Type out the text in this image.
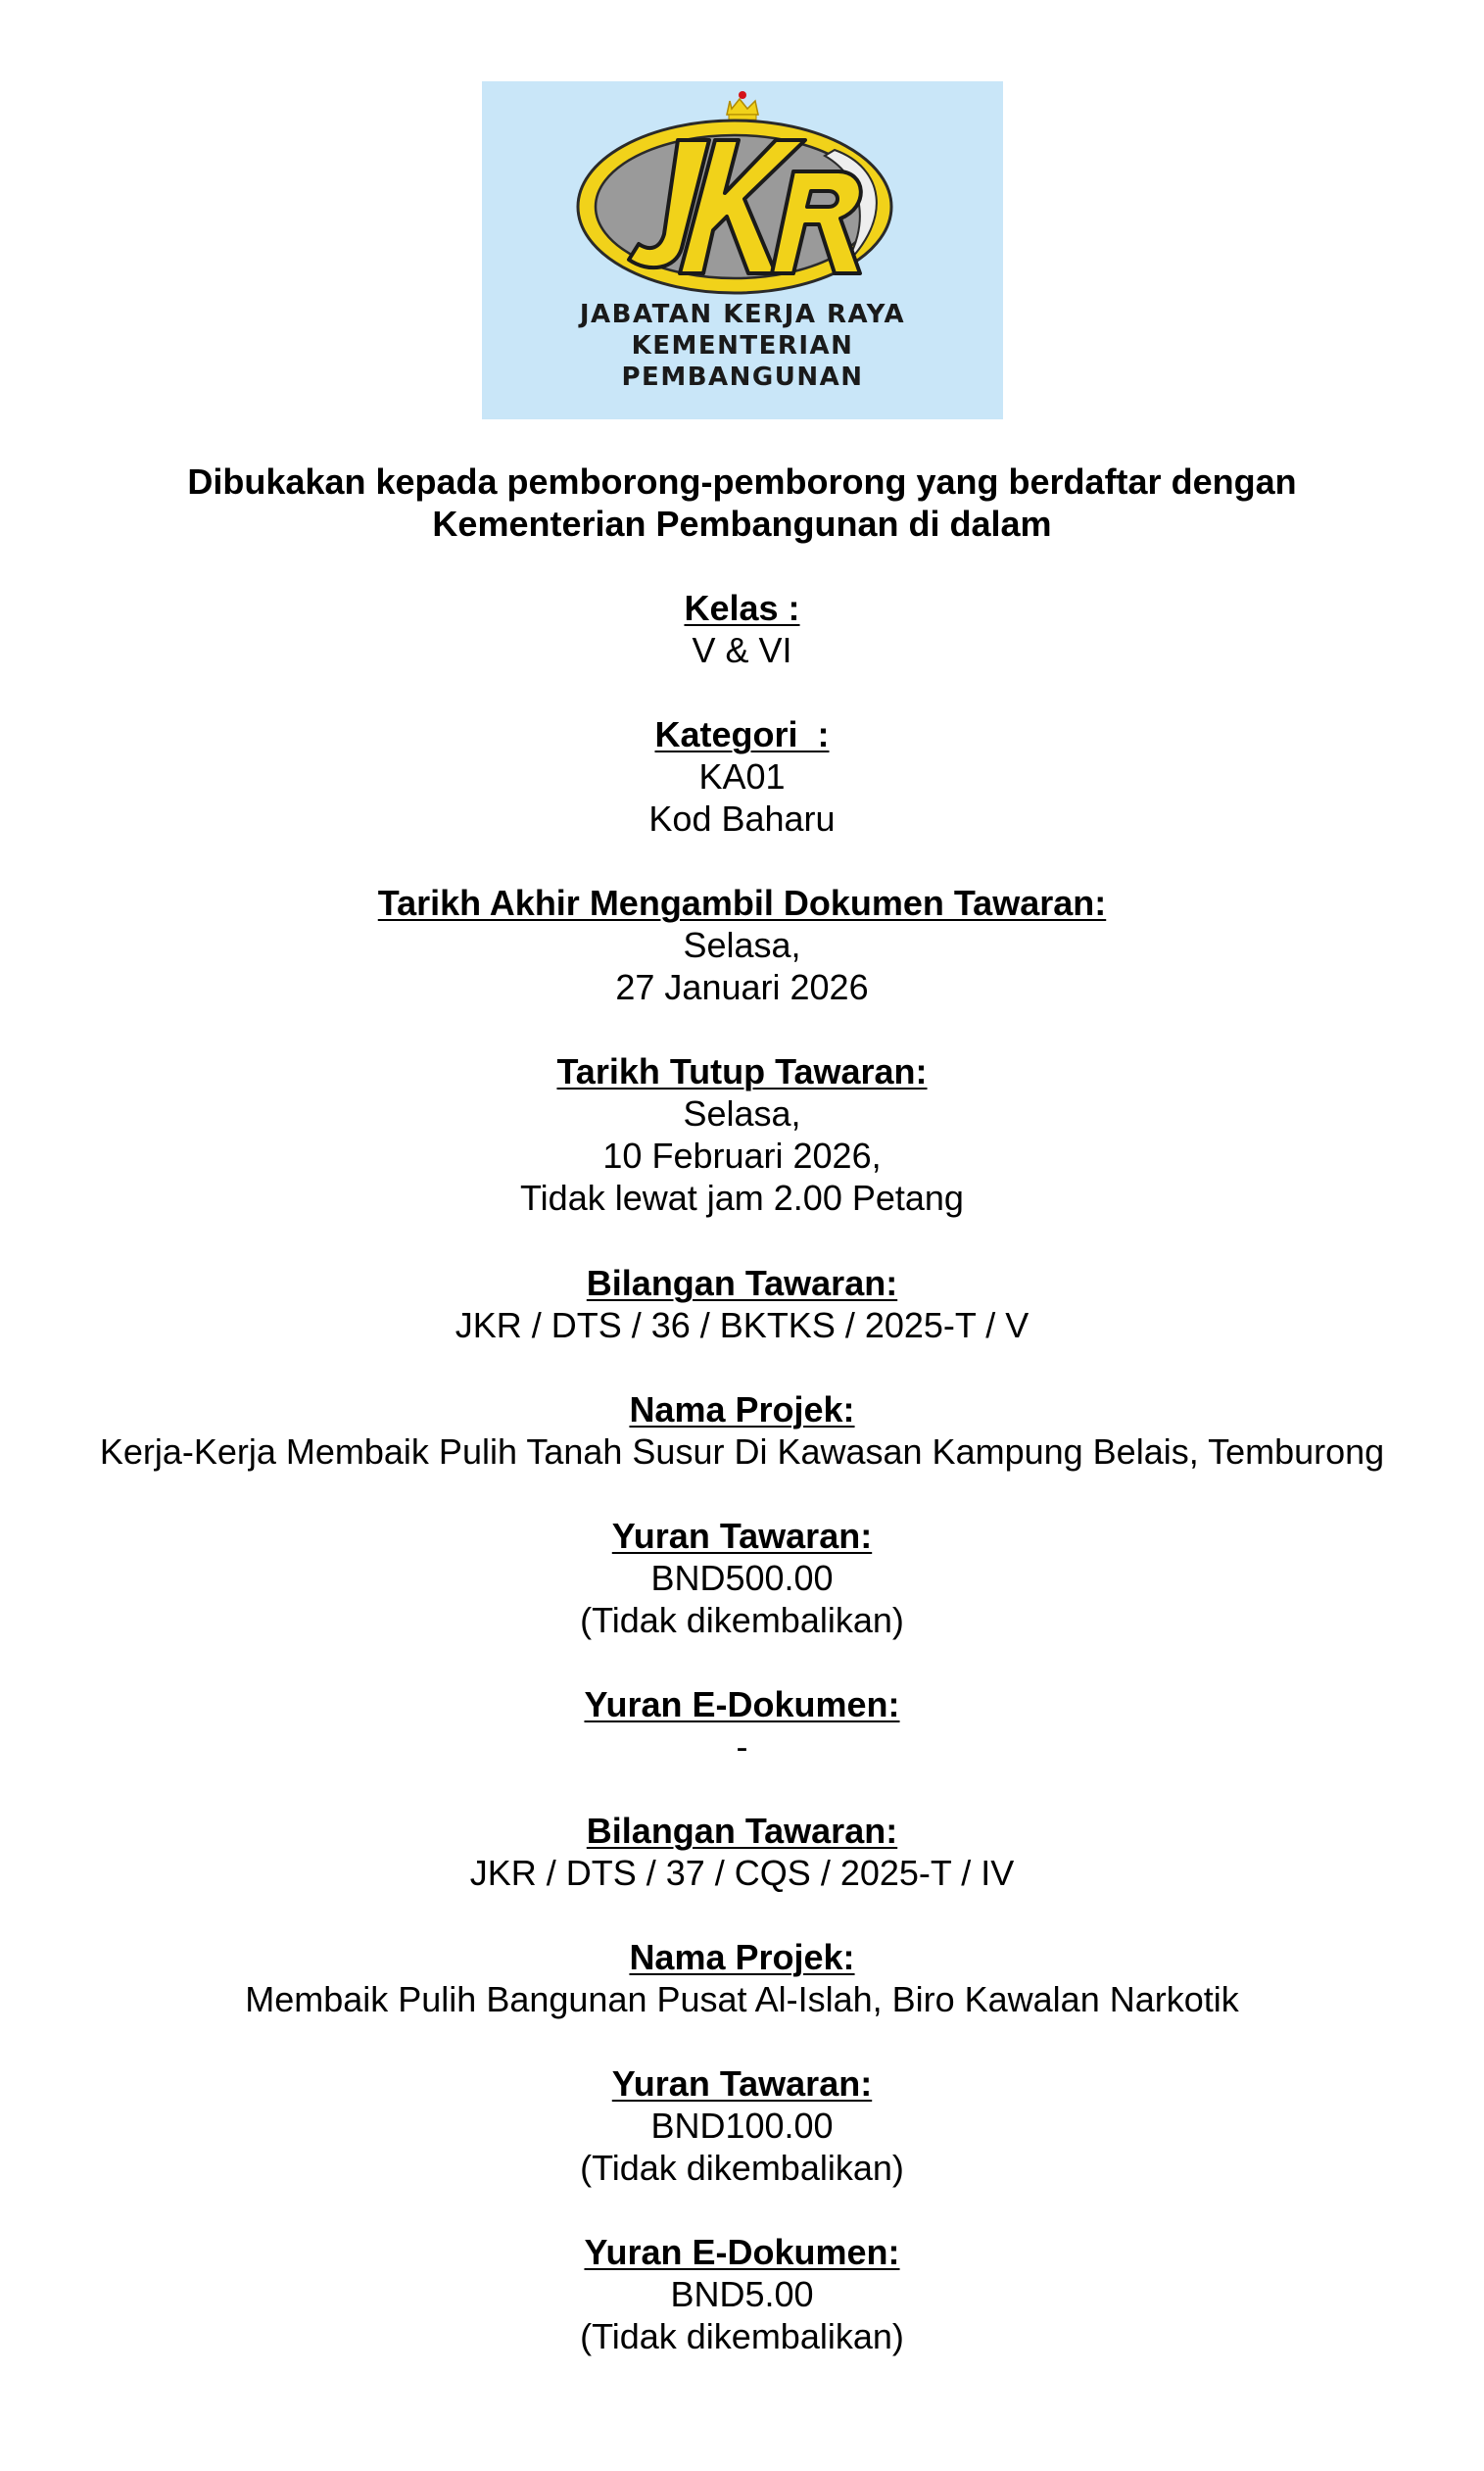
JABATAN KERJA RAYA
KEMENTERIAN
PEMBANGUNAN
Dibukakan kepada pemborong-pemborong yang berdaftar dengan
Kementerian Pembangunan di dalam
Kelas :
V & VI
Kategori  :
KA01
Kod Baharu
Tarikh Akhir Mengambil Dokumen Tawaran:
Selasa,
27 Januari 2026
Tarikh Tutup Tawaran:
Selasa,
10 Februari 2026,
Tidak lewat jam 2.00 Petang
Bilangan Tawaran:
JKR / DTS / 36 / BKTKS / 2025-T / V
Nama Projek:
Kerja-Kerja Membaik Pulih Tanah Susur Di Kawasan Kampung Belais, Temburong
Yuran Tawaran:
BND500.00
(Tidak dikembalikan)
Yuran E-Dokumen:
-
Bilangan Tawaran:
JKR / DTS / 37 / CQS / 2025-T / IV
Nama Projek:
Membaik Pulih Bangunan Pusat Al-Islah, Biro Kawalan Narkotik
Yuran Tawaran:
BND100.00
(Tidak dikembalikan)
Yuran E-Dokumen:
BND5.00
(Tidak dikembalikan)
